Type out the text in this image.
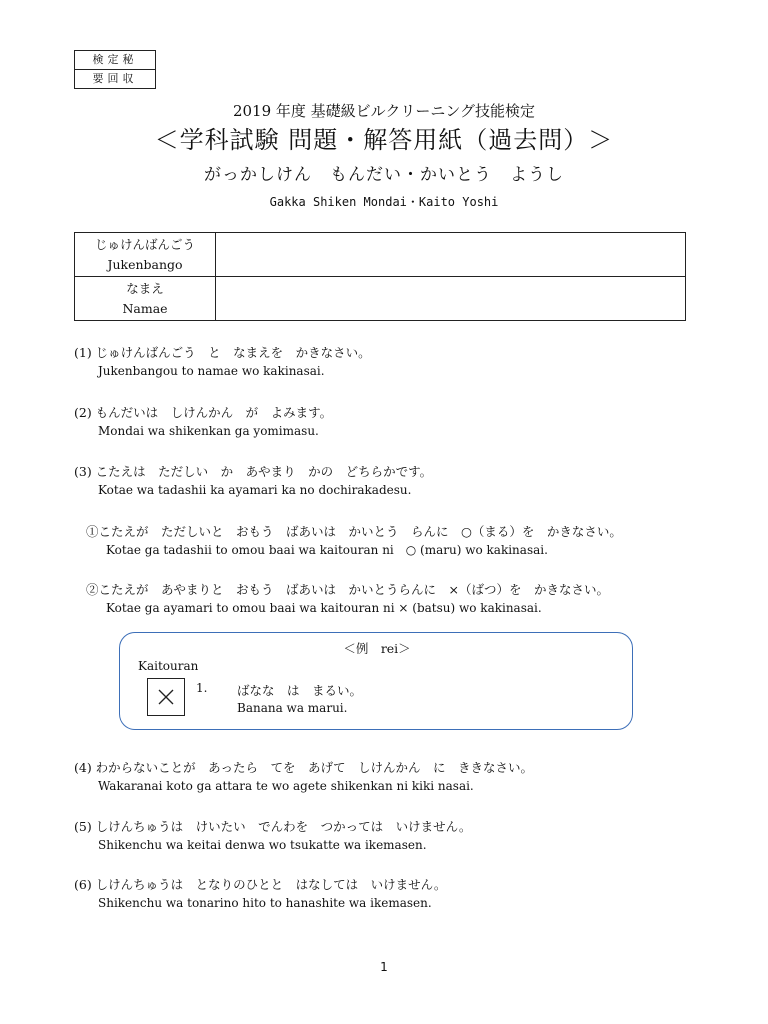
検定秘
要回収
2019 年度 基礎級ビルクリーニング技能検定
＜学科試験 問題・解答用紙（過去問）＞
がっかしけん　もんだい・かいとう　ようし
Gakka Shiken Mondai・Kaito Yoshi
じゅけんばんごう
Jukenbango	

なまえ
Namae	

(1) じゅけんばんごう　と　なまえを　かきなさい。
Jukenbangou to namae wo kakinasai.
(2) もんだいは　しけんかん　が　よみます。
Mondai wa shikenkan ga yomimasu.
(3) こたえは　ただしい　か　あやまり　かの　どちらかです。
Kotae wa tadashii ka ayamari ka no dochirakadesu.
①こたえが　ただしいと　おもう　ばあいは　かいとう　らんに　○（まる）を　かきなさい。
Kotae ga tadashii to omou baai wa kaitouran ni　○ (maru) wo kakinasai.
②こたえが　あやまりと　おもう　ばあいは　かいとうらんに　×（ばつ）を　かきなさい。
Kotae ga ayamari to omou baai wa kaitouran ni × (batsu) wo kakinasai.
＜例　rei＞
Kaitouran
1. ばなな　は　まるい。
Banana wa marui.
(4) わからないことが　あったら　てを　あげて　しけんかん　に　ききなさい。
Wakaranai koto ga attara te wo agete shikenkan ni kiki nasai.
(5) しけんちゅうは　けいたい　でんわを　つかっては　いけません。
Shikenchu wa keitai denwa wo tsukatte wa ikemasen.
(6) しけんちゅうは　となりのひとと　はなしては　いけません。
Shikenchu wa tonarino hito to hanashite wa ikemasen.
1
